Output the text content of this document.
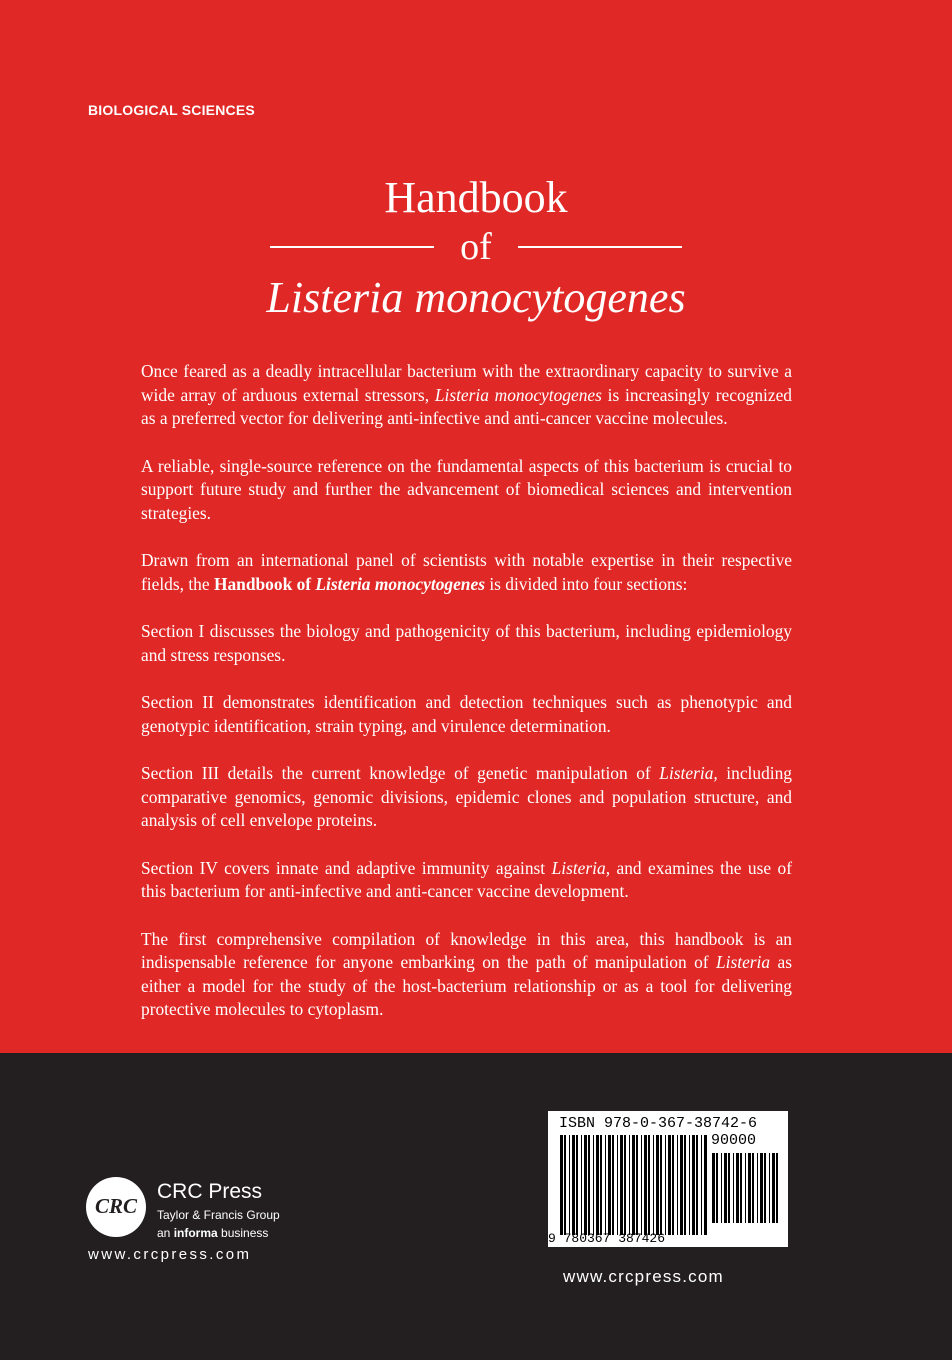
BIOLOGICAL SCIENCES

Handbook

of

Listeria monocytogenes

Once feared as a deadly intracellular bacterium with the extraordinary capacity to survive a wide array of arduous external stressors, Listeria monocytogenes is increasingly recognized as a preferred vector for delivering anti-infective and anti-cancer vaccine molecules.

A reliable, single-source reference on the fundamental aspects of this bacterium is crucial to support future study and further the advancement of biomedical sciences and intervention strategies.

Drawn from an international panel of scientists with notable expertise in their respective fields, the Handbook of Listeria monocytogenes is divided into four sections:

Section I discusses the biology and pathogenicity of this bacterium, including epidemiology and stress responses.

Section II demonstrates identification and detection techniques such as phenotypic and genotypic identification, strain typing, and virulence determination.

Section III details the current knowledge of genetic manipulation of Listeria, including comparative genomics, genomic divisions, epidemic clones and population structure, and analysis of cell envelope proteins.

Section IV covers innate and adaptive immunity against Listeria, and examines the use of this bacterium for anti-infective and anti-cancer vaccine development.

The first comprehensive compilation of knowledge in this area, this handbook is an indispensable reference for anyone embarking on the path of manipulation of Listeria as either a model for the study of the host-bacterium relationship or as a tool for delivering protective molecules to cytoplasm.

CRC

CRC Press

Taylor & Francis Group

an informa business

www.crcpress.com

ISBN 978-0-367-38742-6
90000
9 780367 387426

www.crcpress.com
